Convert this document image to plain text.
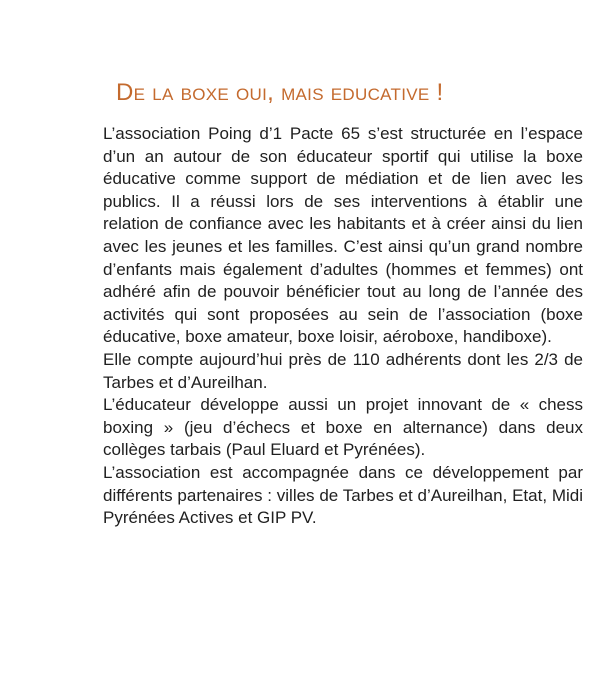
De la boxe oui, mais educative !

L’association Poing d’1 Pacte 65 s’est structurée en l’espace d’un an autour de son éducateur sportif qui utilise la boxe éducative comme support de médiation et de lien avec les publics. Il a réussi lors de ses interventions à établir une relation de confiance avec les habitants et à créer ainsi du lien avec les jeunes et les familles. C’est ainsi qu’un grand nombre d’enfants mais également d’adultes (hommes et femmes) ont adhéré afin de pouvoir bénéficier tout au long de l’année des activités qui sont proposées au sein de l’association (boxe éducative, boxe amateur, boxe loisir, aéroboxe, handiboxe).

Elle compte aujourd’hui près de 110 adhérents dont les 2/3 de Tarbes et d’Aureilhan.

L’éducateur développe aussi un projet innovant de « chess boxing » (jeu d’échecs et boxe en alternance) dans deux collèges tarbais (Paul Eluard et Pyrénées).

L’association est accompagnée dans ce développement par différents partenaires : villes de Tarbes et d’Aureilhan, Etat, Midi Pyrénées Actives et GIP PV.
